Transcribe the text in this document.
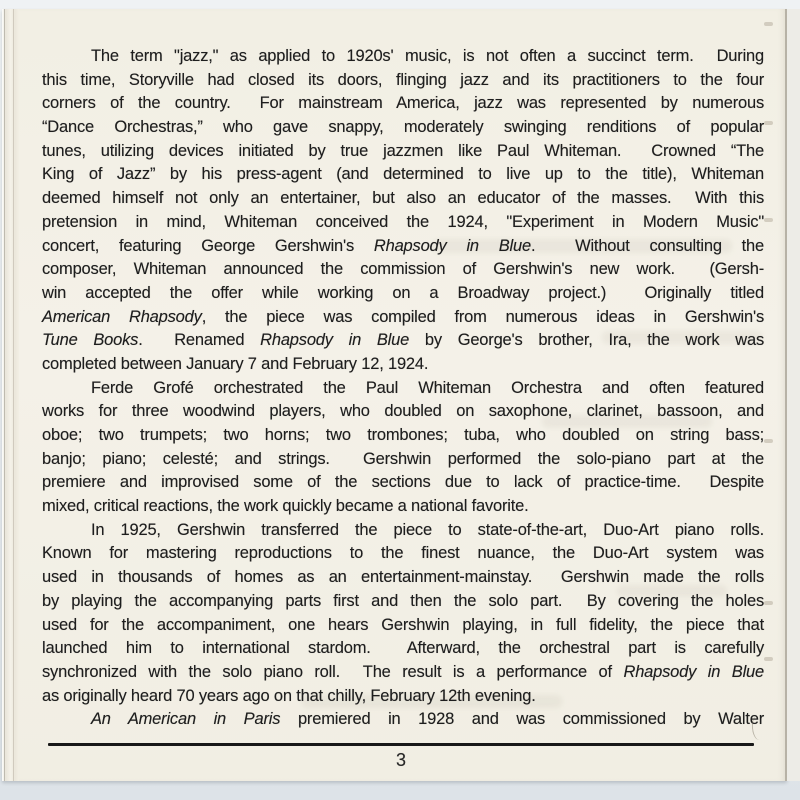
The term "jazz," as applied to 1920s' music, is not often a succinct term.  During
this time, Storyville had closed its doors, flinging jazz and its practitioners to the four
corners of the country.  For mainstream America, jazz was represented by numerous
“Dance Orchestras,” who gave snappy, moderately swinging renditions of popular
tunes, utilizing devices initiated by true jazzmen like Paul Whiteman.  Crowned “The
King of Jazz” by his press-agent (and determined to live up to the title), Whiteman
deemed himself not only an entertainer, but also an educator of the masses.  With this
pretension in mind, Whiteman conceived the 1924, "Experiment in Modern Music"
concert, featuring George Gershwin's Rhapsody in Blue.  Without consulting the
composer, Whiteman announced the commission of Gershwin's new work.  (Gersh-
win accepted the offer while working on a Broadway project.)  Originally titled
American Rhapsody, the piece was compiled from numerous ideas in Gershwin's
Tune Books.  Renamed Rhapsody in Blue by George's brother, Ira, the work was
completed between January 7 and February 12, 1924.
Ferde Grofé orchestrated the Paul Whiteman Orchestra and often featured
works for three woodwind players, who doubled on saxophone, clarinet, bassoon, and
oboe; two trumpets; two horns; two trombones; tuba, who doubled on string bass;
banjo; piano; celesté; and strings.  Gershwin performed the solo-piano part at the
premiere and improvised some of the sections due to lack of practice-time.  Despite
mixed, critical reactions, the work quickly became a national favorite.
In 1925, Gershwin transferred the piece to state-of-the-art, Duo-Art piano rolls.
Known for mastering reproductions to the finest nuance, the Duo-Art system was
used in thousands of homes as an entertainment-mainstay.  Gershwin made the rolls
by playing the accompanying parts first and then the solo part.  By covering the holes
used for the accompaniment, one hears Gershwin playing, in full fidelity, the piece that
launched him to international stardom.  Afterward, the orchestral part is carefully
synchronized with the solo piano roll.  The result is a performance of Rhapsody in Blue
as originally heard 70 years ago on that chilly, February 12th evening.
An American in Paris premiered in 1928 and was commissioned by Walter
3
